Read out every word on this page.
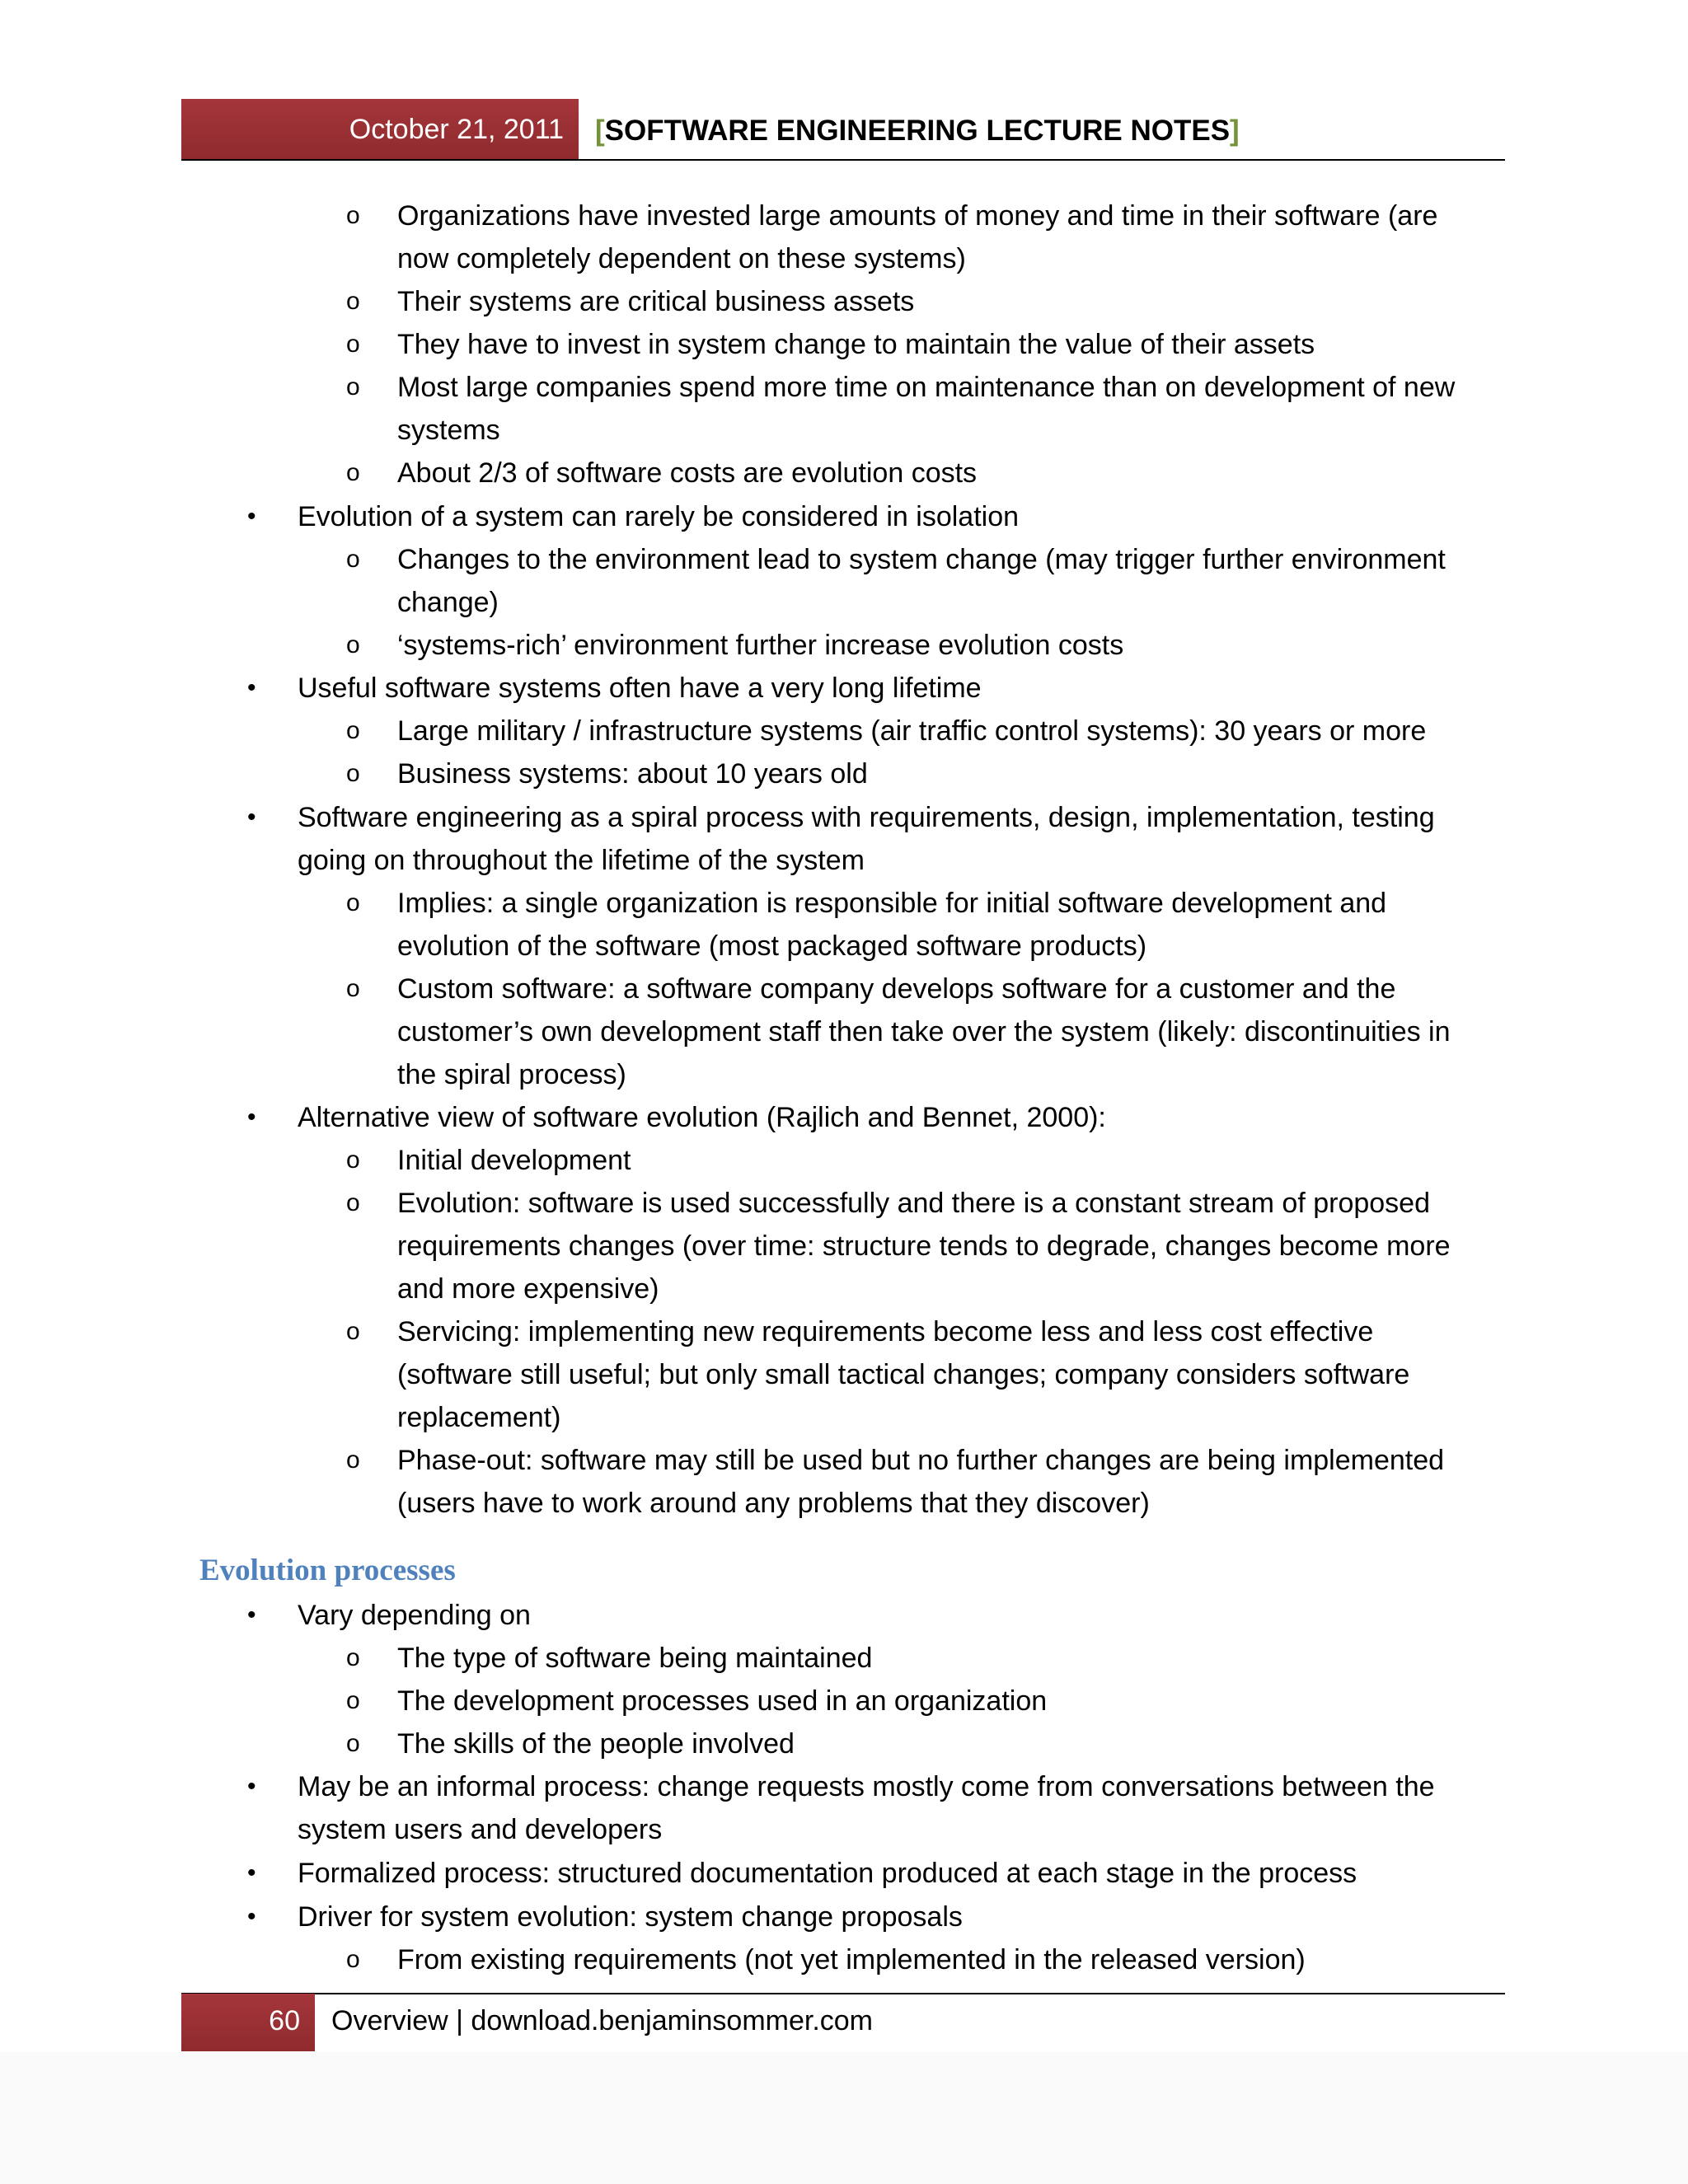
October 21, 2011	[SOFTWARE ENGINEERING LECTURE NOTES]
o Organizations have invested large amounts of money and time in their software (are
now completely dependent on these systems)
o Their systems are critical business assets
o They have to invest in system change to maintain the value of their assets
o Most large companies spend more time on maintenance than on development of new
systems
o About 2/3 of software costs are evolution costs
• Evolution of a system can rarely be considered in isolation
o Changes to the environment lead to system change (may trigger further environment
change)
o ‘systems-rich’ environment further increase evolution costs
• Useful software systems often have a very long lifetime
o Large military / infrastructure systems (air traffic control systems): 30 years or more
o Business systems: about 10 years old
• Software engineering as a spiral process with requirements, design, implementation, testing
going on throughout the lifetime of the system
o Implies: a single organization is responsible for initial software development and
evolution of the software (most packaged software products)
o Custom software: a software company develops software for a customer and the
customer’s own development staff then take over the system (likely: discontinuities in
the spiral process)
• Alternative view of software evolution (Rajlich and Bennet, 2000):
o Initial development
o Evolution: software is used successfully and there is a constant stream of proposed
requirements changes (over time: structure tends to degrade, changes become more
and more expensive)
o Servicing: implementing new requirements become less and less cost effective
(software still useful; but only small tactical changes; company considers software
replacement)
o Phase-out: software may still be used but no further changes are being implemented
(users have to work around any problems that they discover)
Evolution processes
• Vary depending on
o The type of software being maintained
o The development processes used in an organization
o The skills of the people involved
• May be an informal process: change requests mostly come from conversations between the
system users and developers
• Formalized process: structured documentation produced at each stage in the process
• Driver for system evolution: system change proposals
o From existing requirements (not yet implemented in the released version)
60	Overview | download.benjaminsommer.com
